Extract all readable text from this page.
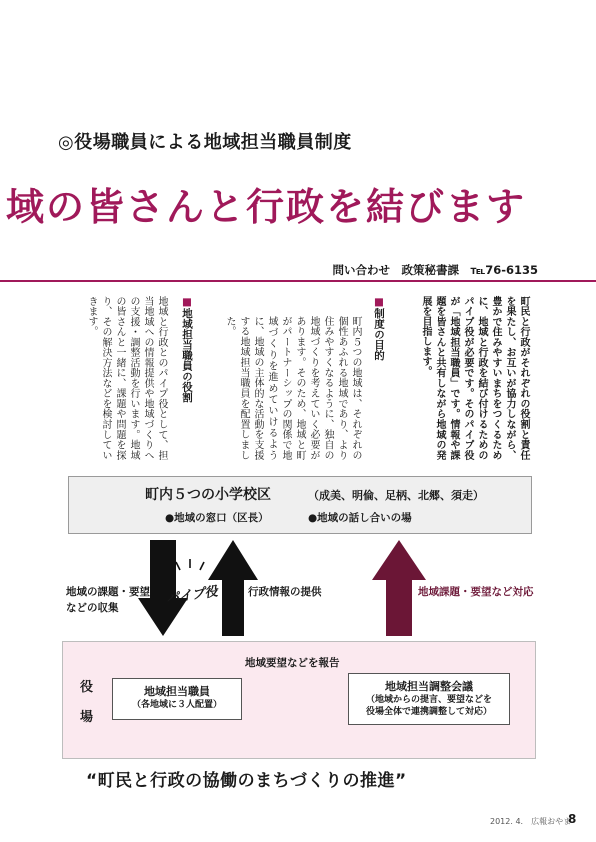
◎役場職員による地域担当職員制度
域の皆さんと行政を結びます
問い合わせ　政策秘書課　℡76-6135
町民と行政がそれぞれの役割と責任を果たし、お互いが協力しながら、豊かで住みやすいまちをつくるために、地域と行政を結び付けるためのパイプ役が必要です。そのパイプ役が「地域担当職員」です。情報や課題を皆さんと共有しながら地域の発展を目指します。
■制度の目的
町内５つの地域は、それぞれの個性あふれる地域であり、より住みやすくなるように、独自の地域づくりを考えていく必要があります。そのため、地域と町がパートナーシップの関係で地域づくりを進めていけるように、地域の主体的な活動を支援する地域担当職員を配置しました。
■地域担当職員の役割
地域と行政とのパイプ役として、担当地域への情報提供や地域づくりへの支援・調整活動を行います。地域の皆さんと一緒に、課題や問題を探り、その解決方法などを検討していきます。
町内５つの小学校区	（成美、明倫、足柄、北郷、須走）
●地域の窓口（区長）	●地域の話し合いの場
地域の課題・要望
などの収集
パイプ役	行政情報の提供	地域課題・要望など対応
役
場
地域要望などを報告
地域担当職員
（各地域に３人配置）
地域担当調整会議
（地域からの提言、要望などを
役場全体で連携調整して対応）
“町民と行政の協働のまちづくりの推進”
2012. 4.　広報おやま
8
